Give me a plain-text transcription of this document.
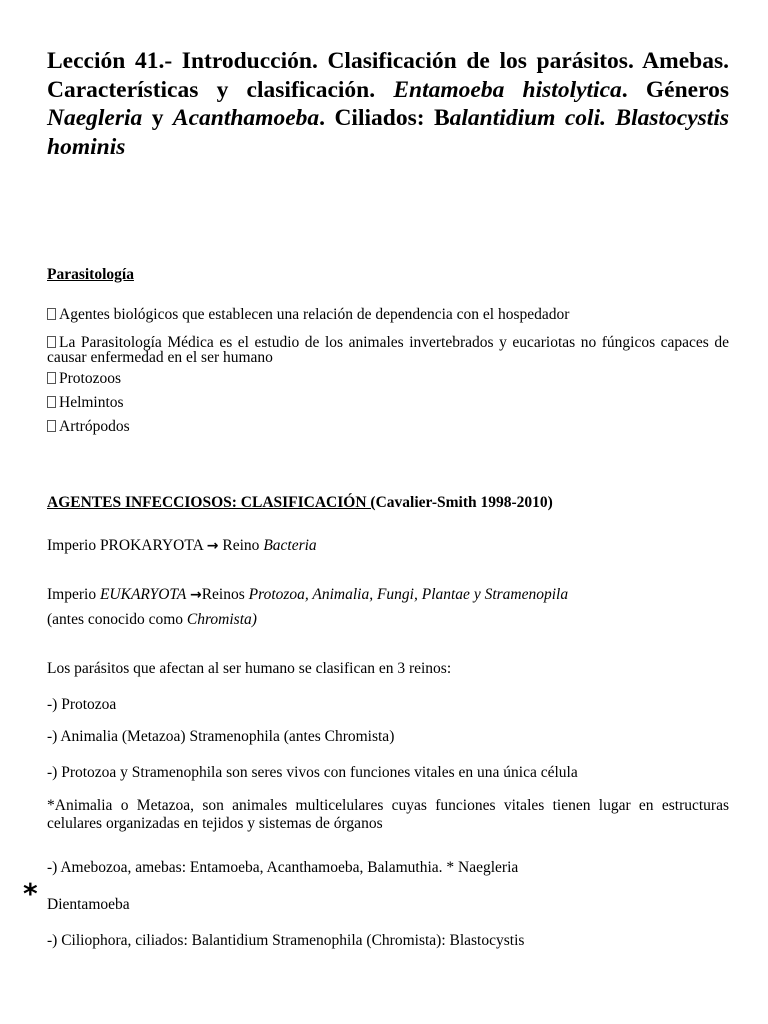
Lección 41.- Introducción. Clasificación de los parásitos. Amebas. Características y clasificación. Entamoeba histolytica. Géneros Naegleria y Acanthamoeba. Ciliados: Balantidium coli. Blastocystis hominis

Parasitología

Agentes biológicos que establecen una relación de dependencia con el hospedador

La Parasitología Médica es el estudio de los animales invertebrados y eucariotas no fúngicos capaces de causar enfermedad en el ser humano

Protozoos

Helmintos

Artrópodos

AGENTES INFECCIOSOS: CLASIFICACIÓN (Cavalier-Smith 1998-2010)

Imperio PROKARYOTA → Reino Bacteria

Imperio EUKARYOTA →Reinos Protozoa, Animalia, Fungi, Plantae y Stramenopila

(antes conocido como Chromista)

Los parásitos que afectan al ser humano se clasifican en 3 reinos:

-) Protozoa

-) Animalia (Metazoa) Stramenophila (antes Chromista)

-) Protozoa y Stramenophila son seres vivos con funciones vitales en una única célula

*Animalia o Metazoa, son animales multicelulares cuyas funciones vitales tienen lugar en estructuras celulares organizadas en tejidos y sistemas de órganos

-) Amebozoa, amebas: Entamoeba, Acanthamoeba, Balamuthia. * Naegleria

* Dientamoeba

-) Ciliophora, ciliados: Balantidium Stramenophila (Chromista): Blastocystis
